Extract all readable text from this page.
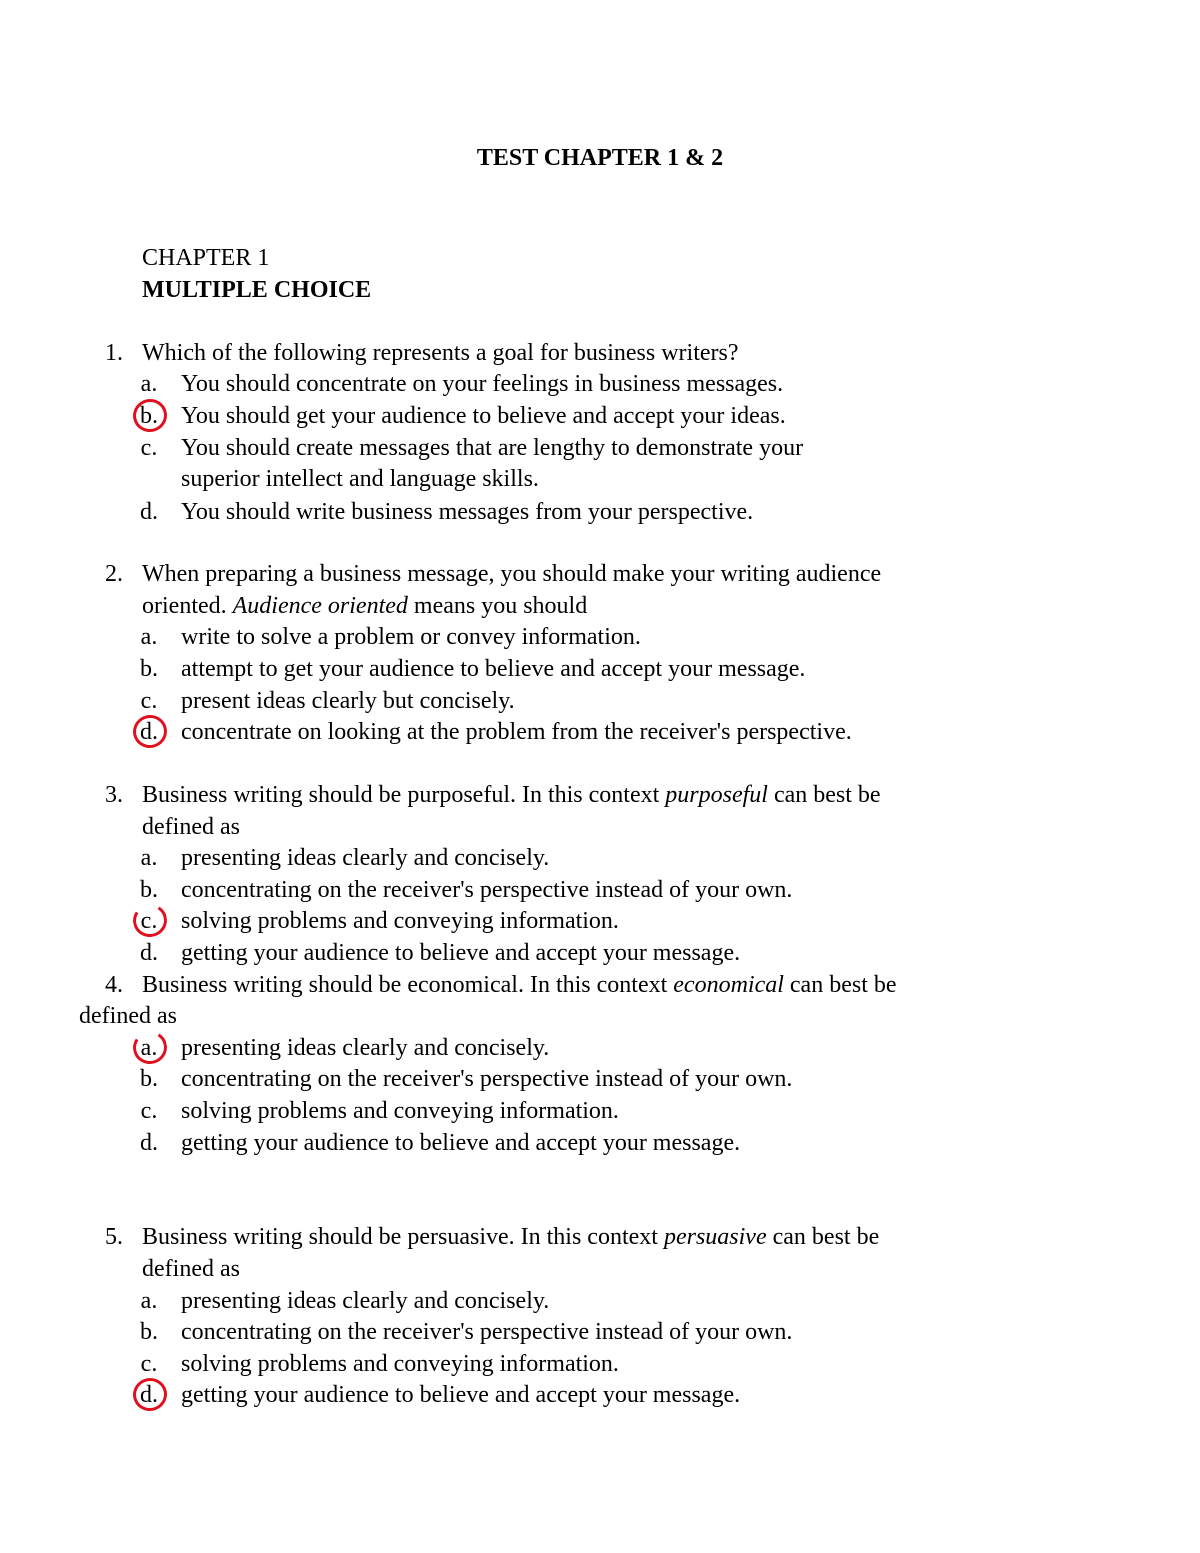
TEST CHAPTER 1 & 2
CHAPTER 1
MULTIPLE CHOICE
1. Which of the following represents a goal for business writers?
a. You should concentrate on your feelings in business messages.
b. You should get your audience to believe and accept your ideas.
c. You should create messages that are lengthy to demonstrate your
superior intellect and language skills.
d. You should write business messages from your perspective.
2. When preparing a business message, you should make your writing audience
oriented. Audience oriented means you should
a. write to solve a problem or convey information.
b. attempt to get your audience to believe and accept your message.
c. present ideas clearly but concisely.
d. concentrate on looking at the problem from the receiver's perspective.
3. Business writing should be purposeful. In this context purposeful can best be
defined as
a. presenting ideas clearly and concisely.
b. concentrating on the receiver's perspective instead of your own.
c. solving problems and conveying information.
d. getting your audience to believe and accept your message.
4. Business writing should be economical. In this context economical can best be
defined as
a. presenting ideas clearly and concisely.
b. concentrating on the receiver's perspective instead of your own.
c. solving problems and conveying information.
d. getting your audience to believe and accept your message.
5. Business writing should be persuasive. In this context persuasive can best be
defined as
a. presenting ideas clearly and concisely.
b. concentrating on the receiver's perspective instead of your own.
c. solving problems and conveying information.
d. getting your audience to believe and accept your message.
